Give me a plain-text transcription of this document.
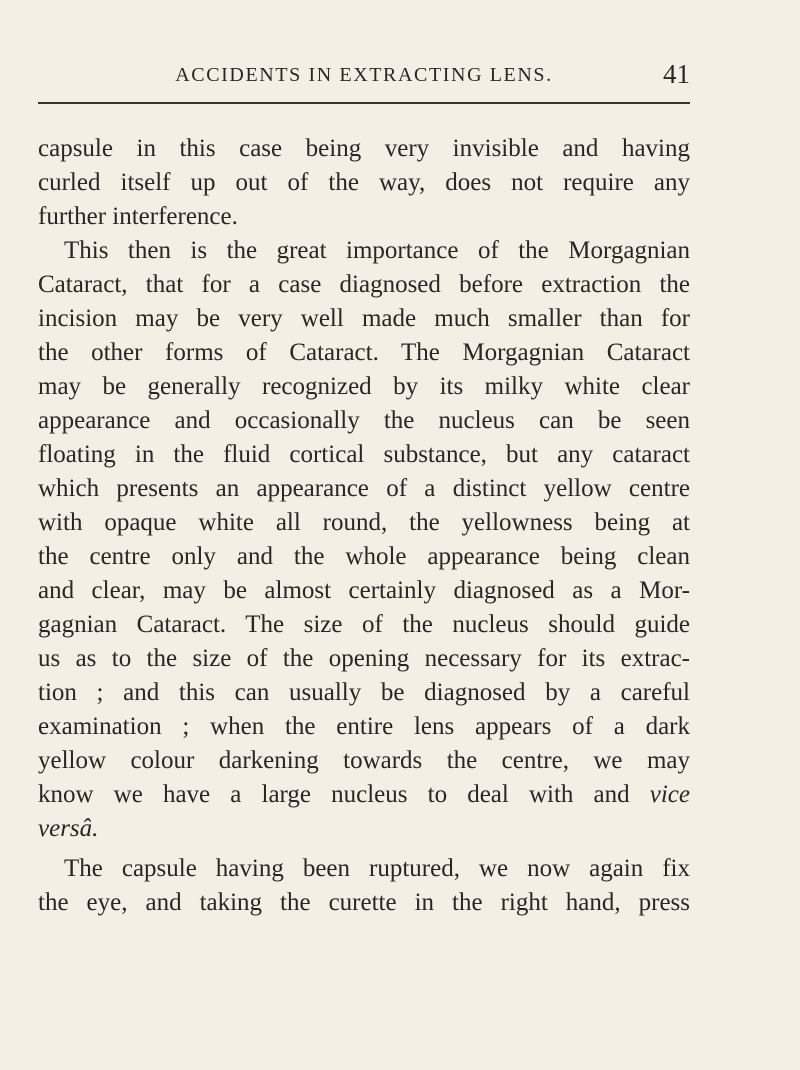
ACCIDENTS IN EXTRACTING LENS.	41
capsule in this case being very invisible and having
curled itself up out of the way, does not require any
further interference.
This then is the great importance of the Morgagnian
Cataract, that for a case diagnosed before extraction the
incision may be very well made much smaller than for
the other forms of Cataract. The Morgagnian Cataract
may be generally recognized by its milky white clear
appearance and occasionally the nucleus can be seen
floating in the fluid cortical substance, but any cataract
which presents an appearance of a distinct yellow centre
with opaque white all round, the yellowness being at
the centre only and the whole appearance being clean
and clear, may be almost certainly diagnosed as a Mor-
gagnian Cataract. The size of the nucleus should guide
us as to the size of the opening necessary for its extrac-
tion ; and this can usually be diagnosed by a careful
examination ; when the entire lens appears of a dark
yellow colour darkening towards the centre, we may
know we have a large nucleus to deal with and vice
versâ.
The capsule having been ruptured, we now again fix
the eye, and taking the curette in the right hand, press
